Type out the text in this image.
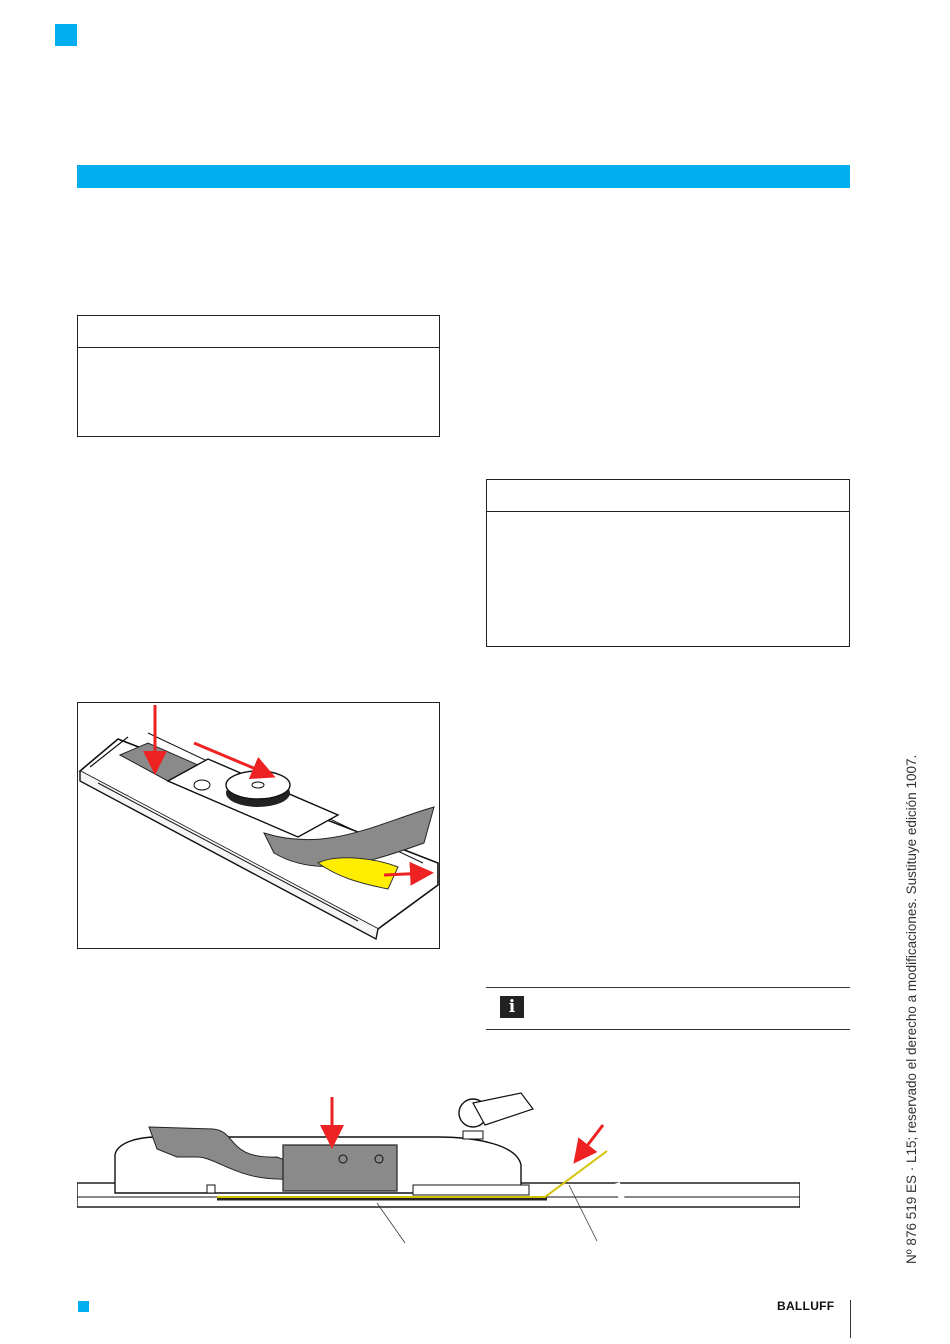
i
BALLUFF
Nº 876 519 ES · L15; reservado el derecho a modificaciones. Sustituye edición 1007.
